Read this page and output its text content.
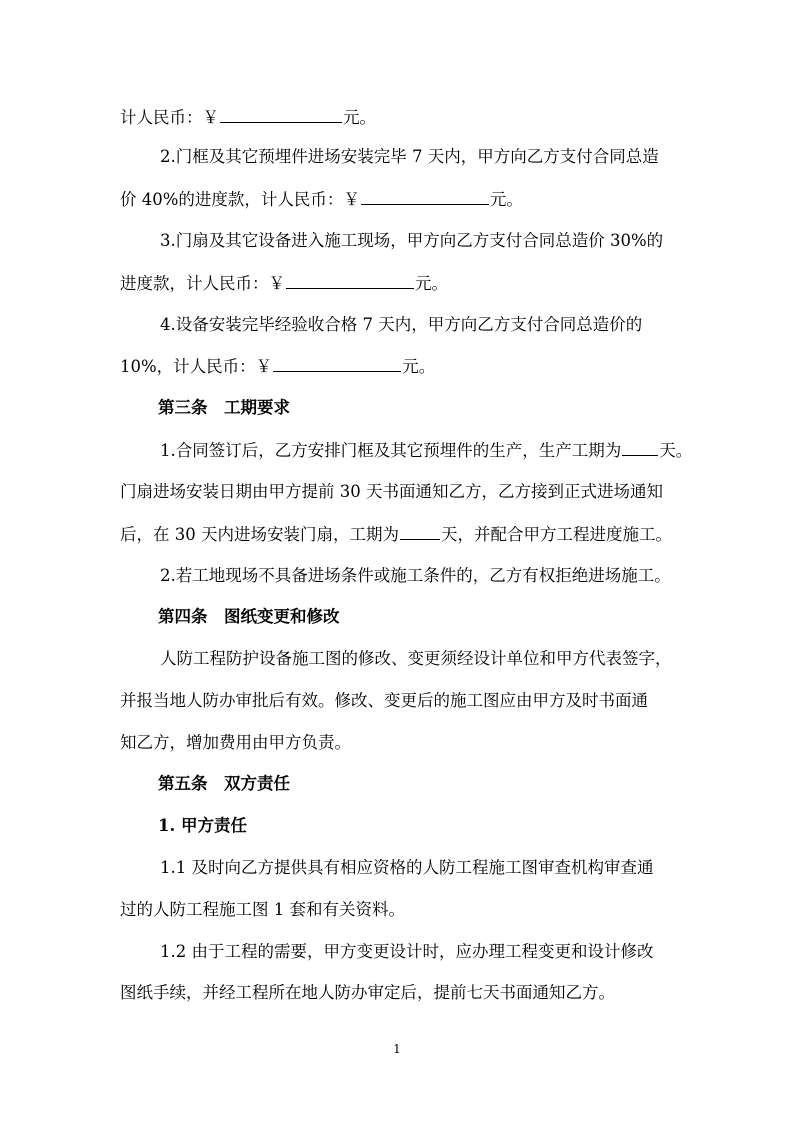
计人民币：￥	元。
2.门框及其它预埋件进场安装完毕 7 天内，甲方向乙方支付合同总造
价 40%的进度款，计人民币：￥	元。
3.门扇及其它设备进入施工现场，甲方向乙方支付合同总造价 30%的
进度款，计人民币：￥	元。
4.设备安装完毕经验收合格 7 天内，甲方向乙方支付合同总造价的
10%，计人民币：￥	元。
第三条　工期要求
1.合同签订后，乙方安排门框及其它预埋件的生产，生产工期为 天。
门扇进场安装日期由甲方提前 30 天书面通知乙方，乙方接到正式进场通知
后，在 30 天内进场安装门扇，工期为	天，并配合甲方工程进度施工。
2.若工地现场不具备进场条件或施工条件的，乙方有权拒绝进场施工。
第四条　图纸变更和修改
人防工程防护设备施工图的修改、变更须经设计单位和甲方代表签字，
并报当地人防办审批后有效。修改、变更后的施工图应由甲方及时书面通
知乙方，增加费用由甲方负责。
第五条　双方责任
1. 甲方责任
1.1 及时向乙方提供具有相应资格的人防工程施工图审查机构审查通
过的人防工程施工图 1 套和有关资料。
1.2 由于工程的需要，甲方变更设计时，应办理工程变更和设计修改
图纸手续，并经工程所在地人防办审定后，提前七天书面通知乙方。
1
